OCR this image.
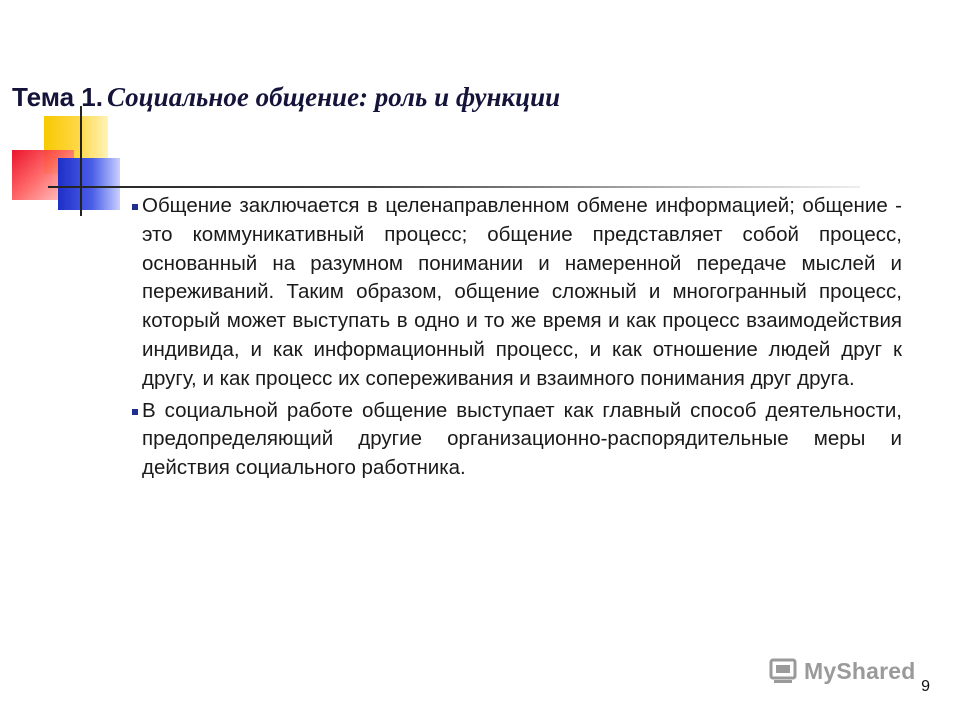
Тема 1. Социальное общение: роль и функции
Общение заключается в целенаправленном обмене информацией; общение - это коммуникативный процесс; общение представляет собой процесс, основанный на разумном понимании и намеренной передаче мыслей и переживаний. Таким образом, общение сложный и многогранный процесс, который может выступать в одно и то же время и как процесс взаимодействия индивида, и как информационный процесс, и как отношение людей друг к другу, и как процесс их сопереживания и взаимного понимания друг друга.
В социальной работе общение выступает как главный способ деятельности, предопределяющий другие организационно-распорядительные меры и действия социального работника.
MyShared
9
